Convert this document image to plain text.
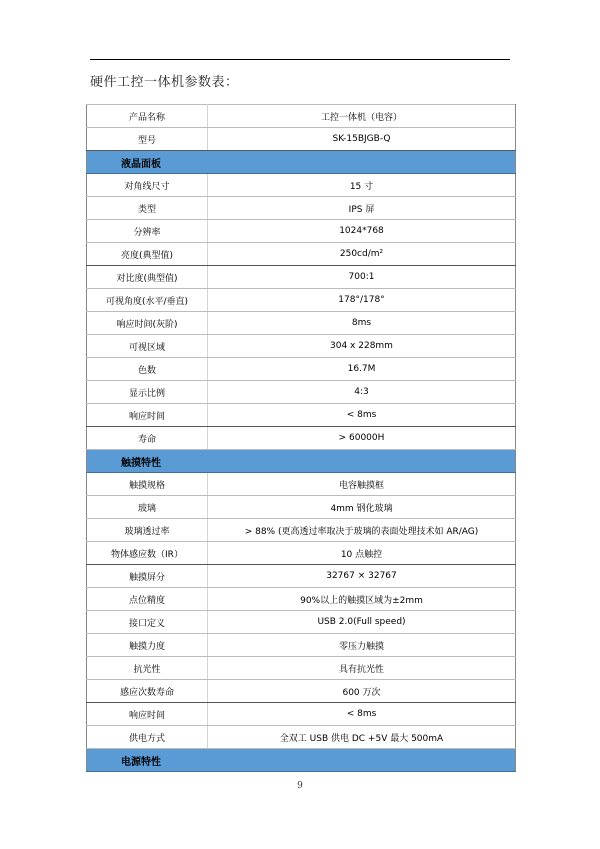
硬件工控一体机参数表：
产品名称	工控一体机（电容）
型号	SK-15BJGB-Q
液晶面板	
对角线尺寸	15 寸
类型	IPS 屏
分辨率	1024*768
亮度(典型值)	250cd/m²
对比度(典型值)	700:1
可视角度(水平/垂直)	178°/178°
响应时间(灰阶)	8ms
可视区域	304 x 228mm
色数	16.7M
显示比例	4:3
响应时间	< 8ms
寿命	> 60000H
触摸特性	
触摸规格	电容触摸框
玻璃	4mm 钢化玻璃
玻璃透过率	> 88% (更高透过率取决于玻璃的表面处理技术如 AR/AG)
物体感应数（IR）	10 点触控
触摸屏分	32767 × 32767
点位精度	90%以上的触摸区域为±2mm
接口定义	USB 2.0(Full speed)
触摸力度	零压力触摸
抗光性	具有抗光性
感应次数寿命	600 万次
响应时间	< 8ms
供电方式	全双工 USB 供电 DC +5V 最大 500mA
电源特性	
9
